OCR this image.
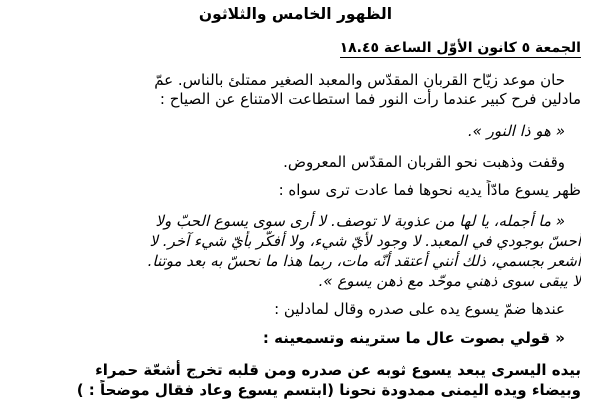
الظهور الخامس والثلاثون
الجمعة ٥ كانون الأوّل الساعة ١٨.٤٥
حان موعد زيّاح القربان المقدّس والمعبد الصغير ممتلئ بالناس. عمّ
مادلين فرح كبير عندما رأت النور فما استطاعت الامتناع عن الصياح :
« هو ذا النور ».
وقفت وذهبت نحو القربان المقدّس المعروض.
ظهر يسوع مادّاً يديه نحوها فما عادت ترى سواه :
« ما أجمله، يا لها من عذوبة لا توصف. لا أرى سوى يسوع الحبّ ولا
أحسّ بوجودي في المعبد. لا وجود لأيّ شيء، ولا أفكّر بأيّ شيء آخر. لا
أشعر بجسمي، ذلك أنني أعتقد أنّه مات، ربما هذا ما نحسّ به بعد موتنا.
لا يبقى سوى ذهني موحّد مع ذهن يسوع ».
عندها ضمّ يسوع يده على صدره وقال لمادلين :
« قولي بصوت عال ما سترينه وتسمعينه :
بيده اليسرى يبعد يسوع ثوبه عن صدره ومن قلبه تخرج أشعّة حمراء
وبيضاء ويده اليمنى ممدودة نحونا (ابتسم يسوع وعاد فقال موضحاً : )
